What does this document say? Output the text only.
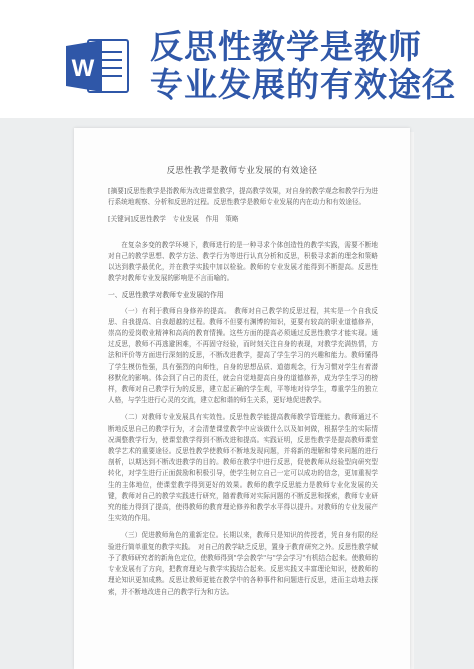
W
反思性教学是教师
专业发展的有效途径
反思性教学是教师专业发展的有效途径

[摘要]反思性教学是指教师为改进课堂教学，提高教学效果，对自身的教学观念和教学行为进行系统地观察、分析和反思的过程。反思性教学是教师专业发展的内在动力和有效途径。

[关键词]反思性教学　专业发展　作用　策略

在复杂多变的教学环境下，教师进行的是一种寻求个体创造性的教学实践，需要不断地对自己的教学思想、教学方法、教学行为等进行认真分析和反思，积极寻求新的理念和策略以达到教学最优化，并在教学实践中加以检验。教师的专业发展才能得到不断提高。反思性教学对教师专业发展的影响是不言而喻的。

一、反思性教学对教师专业发展的作用

（一）有利于教师自身修养的提高。　教师对自己教学的反思过程，其实是一个自我反思、自我提高、自我超越的过程。教师不但要有渊博的知识，更要有较高的职业道德修养，崇高的爱岗敬业精神和高尚的教育情操。这些方面的提高必须通过反思性教学才能实现。通过反思，教师不再逃避困难，不再固守经验，而时刻关注自身的表现，对教学充满热情，方法和评价等方面进行深刻的反思，不断改进教学，提高了学生学习的兴趣和能力。教师懂得了学生模仿性强，具有强烈的向师性，自身的思想品质、道德观念，行为习惯对学生有着潜移默化的影响。体会到了自己的责任，就会自觉地提高自身的道德修养，成为学生学习的榜样，教师对自己教学行为的反思，建立起正确的学生观，平等地对待学生，尊重学生的独立人格，与学生进行心灵的交流，建立起和谐的师生关系，更好地促进教学。

（二）对教师专业发展具有实效性。反思性教学能提高教师教学管理能力。教师通过不断地反思自己的教学行为，才会清楚课堂教学中应该做什么以及如何做，根据学生的实际情况调整教学行为，使课堂教学得到不断改进和提高。实践证明，反思性教学是提高教师课堂教学艺术的重要途径。反思性教学使教师不断地发现问题，并将新的理解和带来问题的进行剖析，以期达到不断改进教学的目的。教师在教学中进行反思，促使教师从经验型向研究型转化，对学生进行正面鼓励和积极引导，使学生树立自己一定可以成功的信念，更加重视学生的主体地位，使课堂教学得到更好的效果。教师的教学反思能力是教师专业化发展的关键，教师对自己的教学实践进行研究，随着教师对实际问题的不断反思和探索，教师专业研究的能力得到了提高，使得教师的教育理论修养和教学水平得以提升。对教师的专业发展产生实效的作用。

（三）促进教师角色的重新定位。长期以来，教师只是知识的传授者，凭自身有限的经验进行简单重复的教学实践。　对自己的教学缺乏反思，置身于教育研究之外。反思性教学赋予了教师研究者的新角色定位，使教师得到"学会教学"与"学会学习"有机结合起来。使教师的专业发展有了方向，把教育理论与教学实践结合起来。反思实践又丰富理论知识，使教师的理论知识更加成熟。反思让教师更能在教学中的各种事件和问题进行反思，进而主动地去探索，并不断地改进自己的教学行为和方法。
